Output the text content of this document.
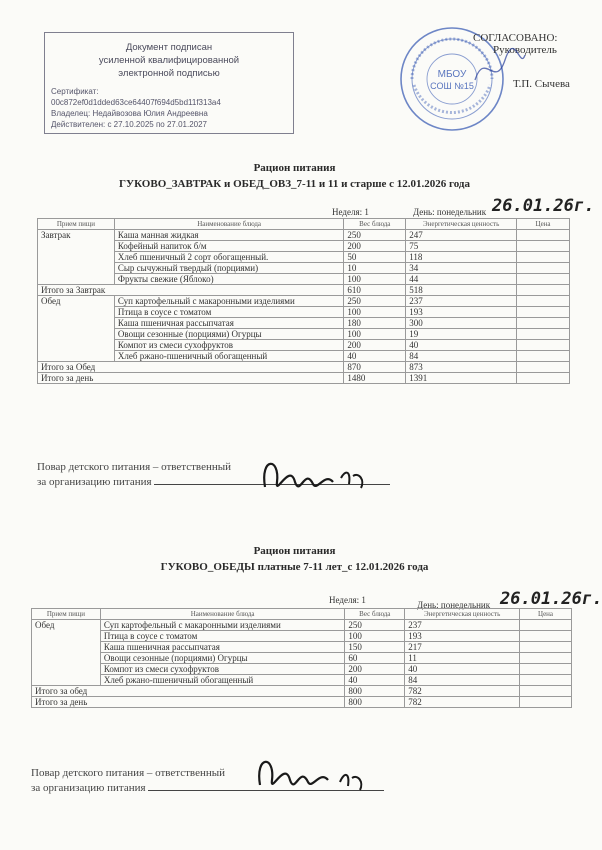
Документ подписан
усиленной квалифицированной
электронной подписью
Сертификат:
00c872ef0d1dded63ce64407f694d5bd11f313a4
Владелец: Недайвозова Юлия Андреевна
Действителен: с 27.10.2025 по 27.01.2027
МБОУ
СОШ №15
СОГЛАСОВАНО:
Руководитель
Т.П. Сычева
Рацион питания
ГУКОВО_ЗАВТРАК и ОБЕД_ОВЗ_7-11 и 11 и старше с 12.01.2026 года
Неделя: 1	День: понедельник 26.01.26г.
Прием пищи	Наименование блюда	Вес блюда	Энергетическая ценность	Цена
Завтрак	Каша манная жидкая	250	247	
	Кофейный напиток б/м	200	75	
	Хлеб пшеничный 2 сорт обогащенный.	50	118	
	Сыр сычужный твердый (порциями)	10	34	
	Фрукты свежие (Яблоко)	100	44	
Итого за Завтрак		610	518	
Обед	Суп картофельный с макаронными изделиями	250	237	
	Птица в соусе с томатом	100	193	
	Каша пшеничная рассыпчатая	180	300	
	Овощи сезонные (порциями) Огурцы	100	19	
	Компот из смеси сухофруктов	200	40	
	Хлеб ржано-пшеничный обогащенный	40	84	
Итого за Обед		870	873	
Итого за день		1480	1391	
Повар детского питания – ответственный
за организацию питания
Рацион питания
ГУКОВО_ОБЕДЫ платные 7-11 лет_с 12.01.2026 года
Неделя: 1	День: понедельник 26.01.26г.
Прием пищи	Наименование блюда	Вес блюда	Энергетическая ценность	Цена
Обед	Суп картофельный с макаронными изделиями	250	237	
	Птица в соусе с томатом	100	193	
	Каша пшеничная рассыпчатая	150	217	
	Овощи сезонные (порциями) Огурцы	60	11	
	Компот из смеси сухофруктов	200	40	
	Хлеб ржано-пшеничный обогащенный	40	84	
Итого за обед		800	782	
Итого за день		800	782	
Повар детского питания – ответственный
за организацию питания
